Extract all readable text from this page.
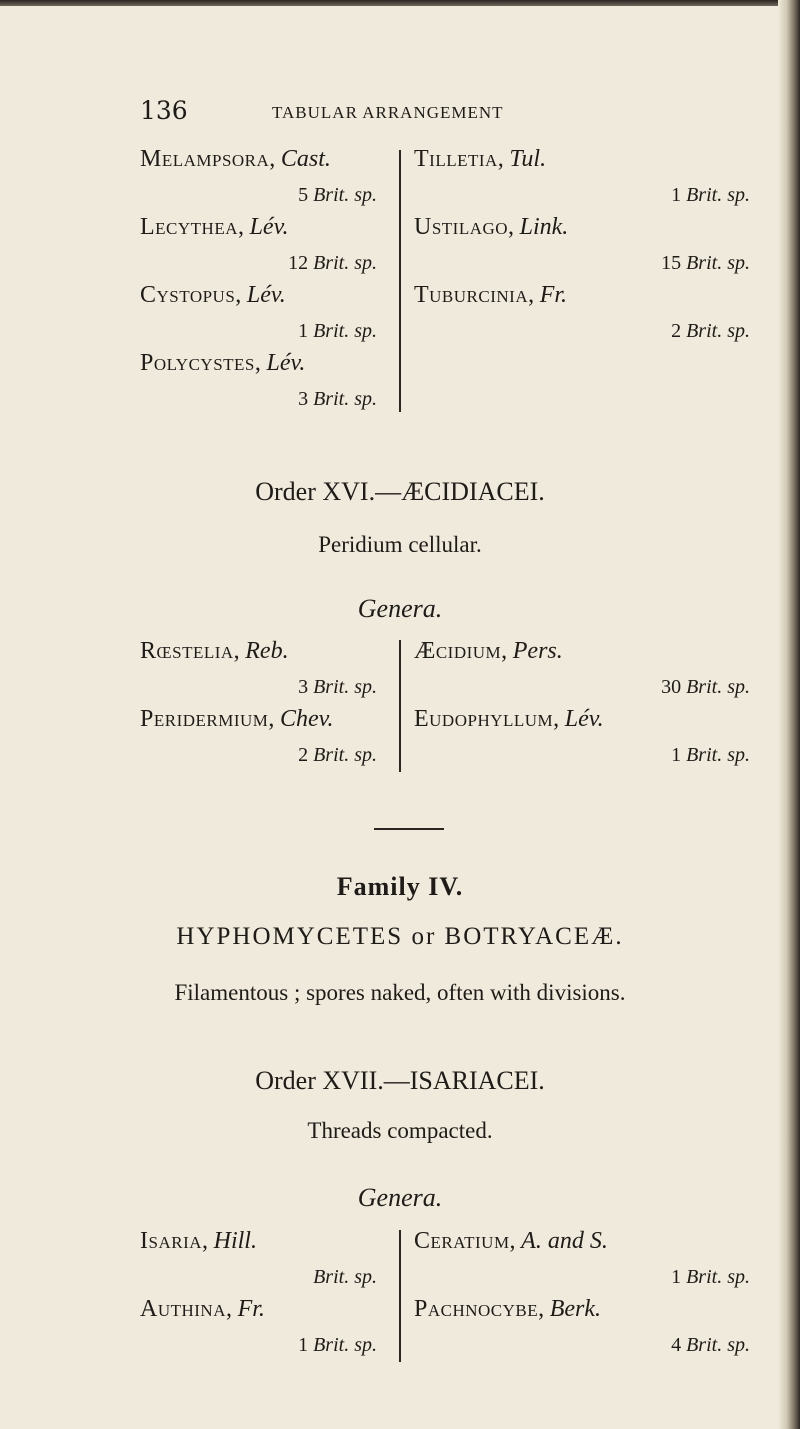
136	TABULAR ARRANGEMENT
Melampsora, Cast.
5 Brit. sp.
Lecythea, Lév.
12 Brit. sp.
Cystopus, Lév.
1 Brit. sp.
Polycystes, Lév.
3 Brit. sp.
Tilletia, Tul.
1 Brit. sp.
Ustilago, Link.
15 Brit. sp.
Tuburcinia, Fr.
2 Brit. sp.
Order XVI.—ÆCIDIACEI.
Peridium cellular.
Genera.
Rœstelia, Reb.
3 Brit. sp.
Peridermium, Chev.
2 Brit. sp.
Æcidium, Pers.
30 Brit. sp.
Eudophyllum, Lév.
1 Brit. sp.
Family IV.
HYPHOMYCETES or BOTRYACEÆ.
Filamentous ; spores naked, often with divisions.
Order XVII.—ISARIACEI.
Threads compacted.
Genera.
Isaria, Hill.
Brit. sp.
Authina, Fr.
1 Brit. sp.
Ceratium, A. and S.
1 Brit. sp.
Pachnocybe, Berk.
4 Brit. sp.
